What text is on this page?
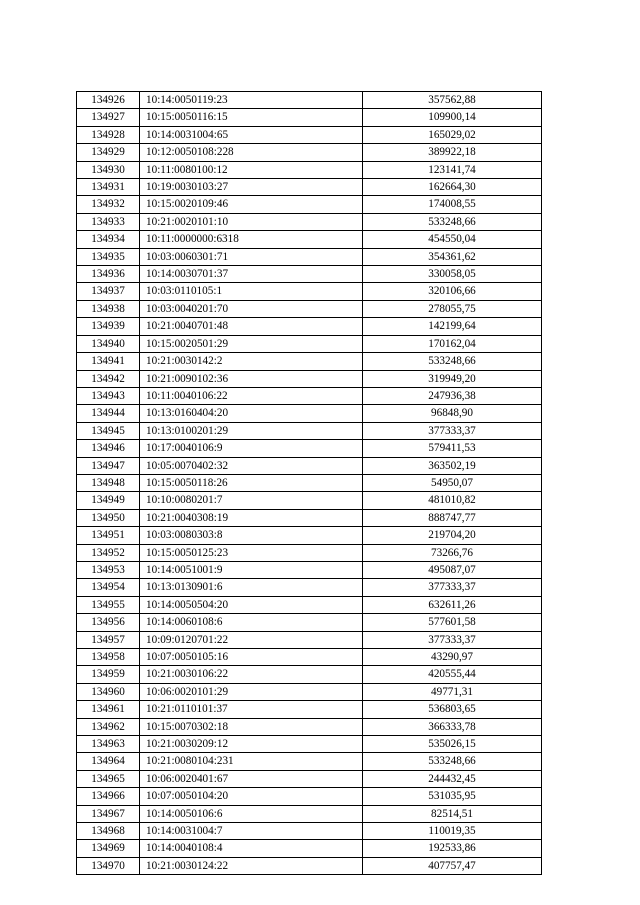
134926	10:14:0050119:23	357562,88
134927	10:15:0050116:15	109900,14
134928	10:14:0031004:65	165029,02
134929	10:12:0050108:228	389922,18
134930	10:11:0080100:12	123141,74
134931	10:19:0030103:27	162664,30
134932	10:15:0020109:46	174008,55
134933	10:21:0020101:10	533248,66
134934	10:11:0000000:6318	454550,04
134935	10:03:0060301:71	354361,62
134936	10:14:0030701:37	330058,05
134937	10:03:0110105:1	320106,66
134938	10:03:0040201:70	278055,75
134939	10:21:0040701:48	142199,64
134940	10:15:0020501:29	170162,04
134941	10:21:0030142:2	533248,66
134942	10:21:0090102:36	319949,20
134943	10:11:0040106:22	247936,38
134944	10:13:0160404:20	96848,90
134945	10:13:0100201:29	377333,37
134946	10:17:0040106:9	579411,53
134947	10:05:0070402:32	363502,19
134948	10:15:0050118:26	54950,07
134949	10:10:0080201:7	481010,82
134950	10:21:0040308:19	888747,77
134951	10:03:0080303:8	219704,20
134952	10:15:0050125:23	73266,76
134953	10:14:0051001:9	495087,07
134954	10:13:0130901:6	377333,37
134955	10:14:0050504:20	632611,26
134956	10:14:0060108:6	577601,58
134957	10:09:0120701:22	377333,37
134958	10:07:0050105:16	43290,97
134959	10:21:0030106:22	420555,44
134960	10:06:0020101:29	49771,31
134961	10:21:0110101:37	536803,65
134962	10:15:0070302:18	366333,78
134963	10:21:0030209:12	535026,15
134964	10:21:0080104:231	533248,66
134965	10:06:0020401:67	244432,45
134966	10:07:0050104:20	531035,95
134967	10:14:0050106:6	82514,51
134968	10:14:0031004:7	110019,35
134969	10:14:0040108:4	192533,86
134970	10:21:0030124:22	407757,47
